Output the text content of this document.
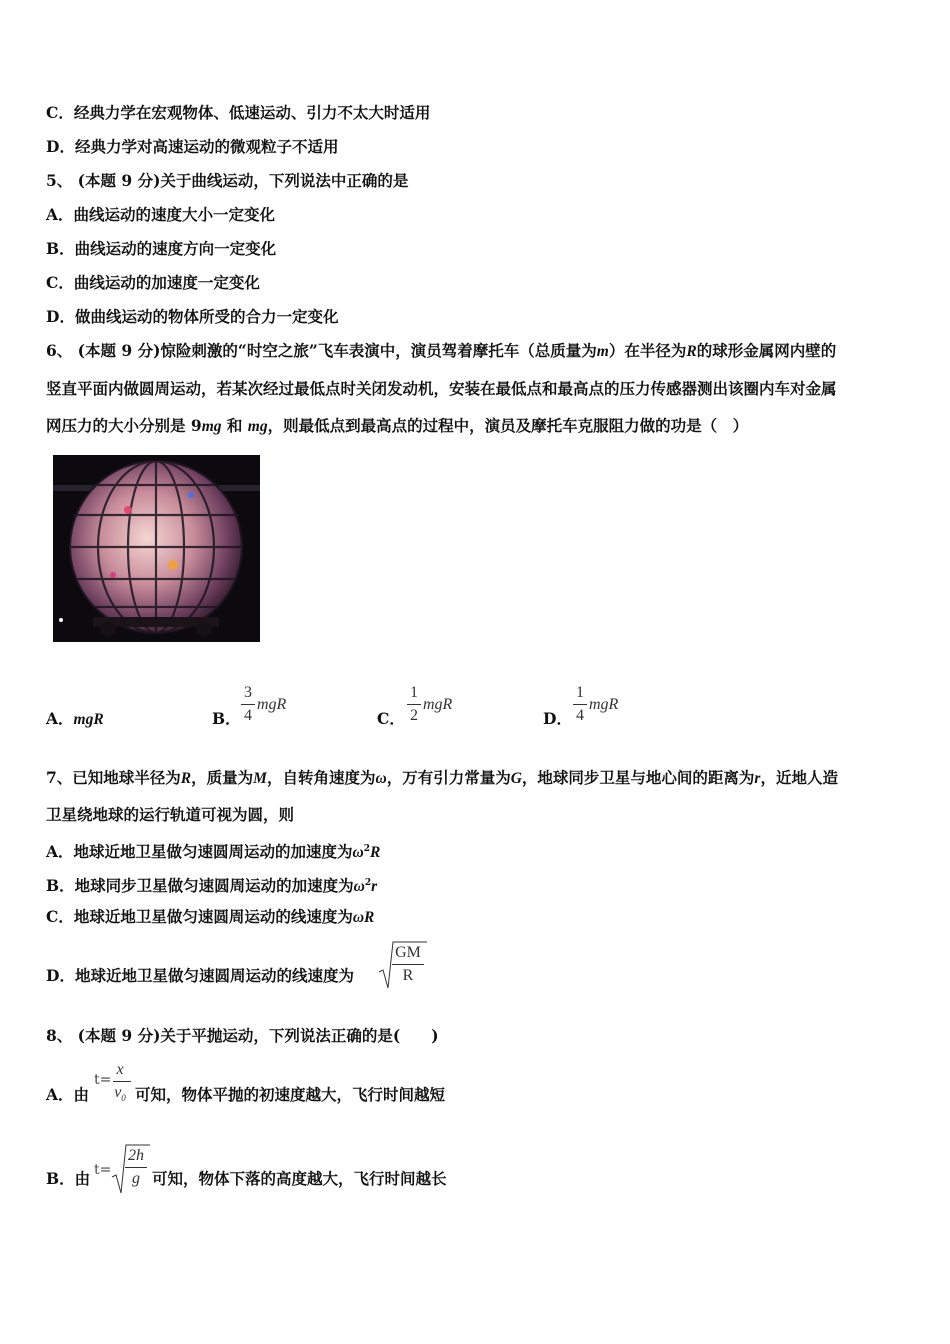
C．经典力学在宏观物体、低速运动、引力不太大时适用
D．经典力学对高速运动的微观粒子不适用
5、 (本题 9 分)关于曲线运动，下列说法中正确的是
A．曲线运动的速度大小一定变化
B．曲线运动的速度方向一定变化
C．曲线运动的加速度一定变化
D．做曲线运动的物体所受的合力一定变化
6、 (本题 9 分)惊险刺激的“时空之旅”飞车表演中，演员驾着摩托车（总质量为m）在半径为R的球形金属网内壁的
竖直平面内做圆周运动，若某次经过最低点时关闭发动机，安装在最低点和最高点的压力传感器测出该圈内车对金属
网压力的大小分别是 9mg 和 mg，则最低点到最高点的过程中，演员及摩托车克服阻力做的功是（　）
A．mgR	B．
3
4
mgR
C．
1
2
mgR
D．
1
4
mgR
7、已知地球半径为R，质量为M，自转角速度为ω，万有引力常量为G，地球同步卫星与地心间的距离为r，近地人造
卫星绕地球的运行轨道可视为圆，则
A．地球近地卫星做匀速圆周运动的加速度为$\omega^2R$
B．地球同步卫星做匀速圆周运动的加速度为$\omega^2r$
C．地球近地卫星做匀速圆周运动的线速度为ωR
D．地球近地卫星做匀速圆周运动的线速度为
GM
R
8、 (本题 9 分)关于平抛运动，下列说法正确的是(　　)
A．由
t=
x
$v_0$ 可知，物体平抛的初速度越大，飞行时间越短
B．由 t=
2h
g 可知，物体下落的高度越大，飞行时间越长
